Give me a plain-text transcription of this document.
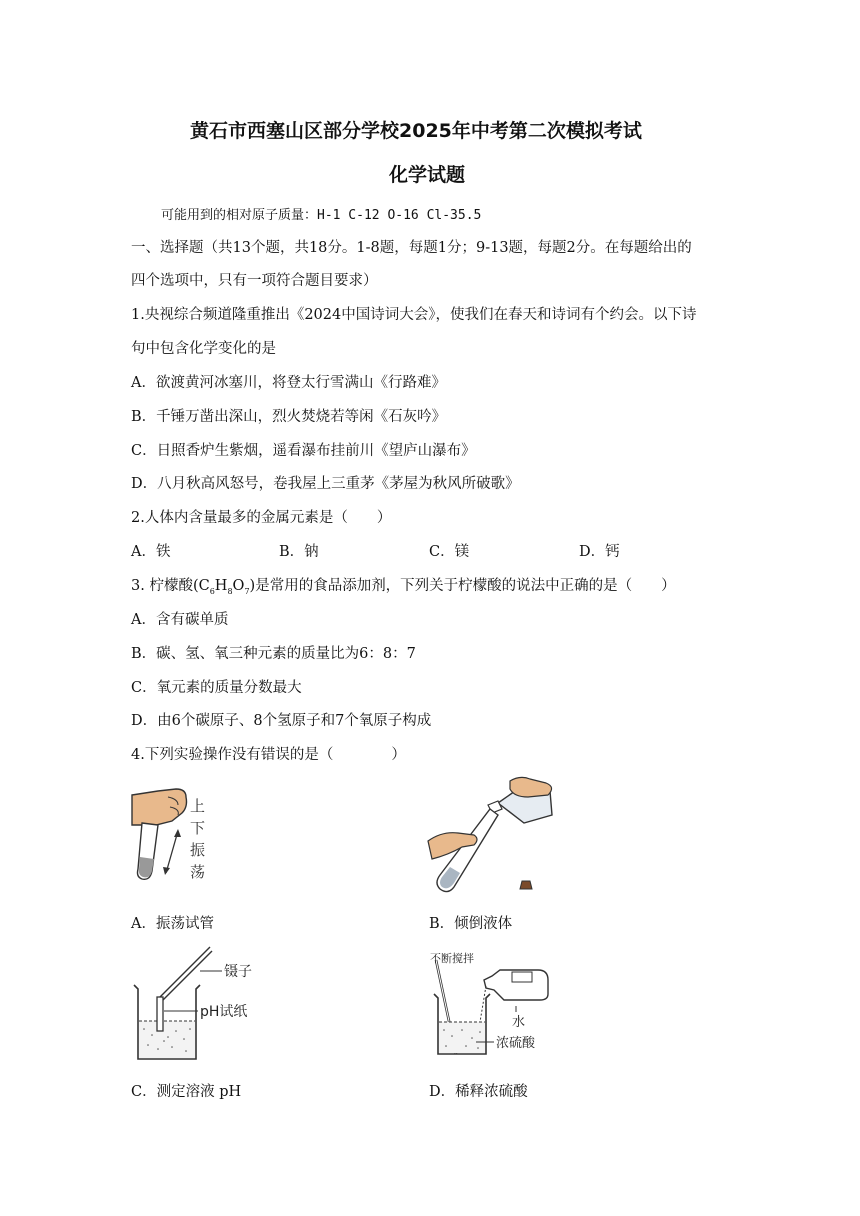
黄石市西塞山区部分学校2025年中考第二次模拟考试
化学试题
可能用到的相对原子质量：H-1 C-12 O-16 Cl-35.5
一、选择题（共13个题，共18分。1-8题，每题1分；9-13题，每题2分。在每题给出的
四个选项中，只有一项符合题目要求）
1.央视综合频道隆重推出《2024中国诗词大会》，使我们在春天和诗词有个约会。以下诗
句中包含化学变化的是
A．欲渡黄河冰塞川，将登太行雪满山《行路难》
B．千锤万凿出深山，烈火焚烧若等闲《石灰吟》
C．日照香炉生紫烟，遥看瀑布挂前川《望庐山瀑布》
D．八月秋高风怒号，卷我屋上三重茅《茅屋为秋风所破歌》
2.人体内含量最多的金属元素是（　　）
A．铁	B．钠	C．镁	D．钙
3. 柠檬酸$(C_6H_8O_7)$是常用的食品添加剂，下列关于柠檬酸的说法中正确的是（　　）
A．含有碳单质
B．碳、氢、氧三种元素的质量比为6：8：7
C．氧元素的质量分数最大
D．由6个碳原子、8个氢原子和7个氧原子构成
4.下列实验操作没有错误的是（　　　　）
上
下
振
荡
A．振荡试管	B．倾倒液体
镊子
pH试纸
C．测定溶液 pH
不断搅拌
水
浓硫酸
D．稀释浓硫酸
